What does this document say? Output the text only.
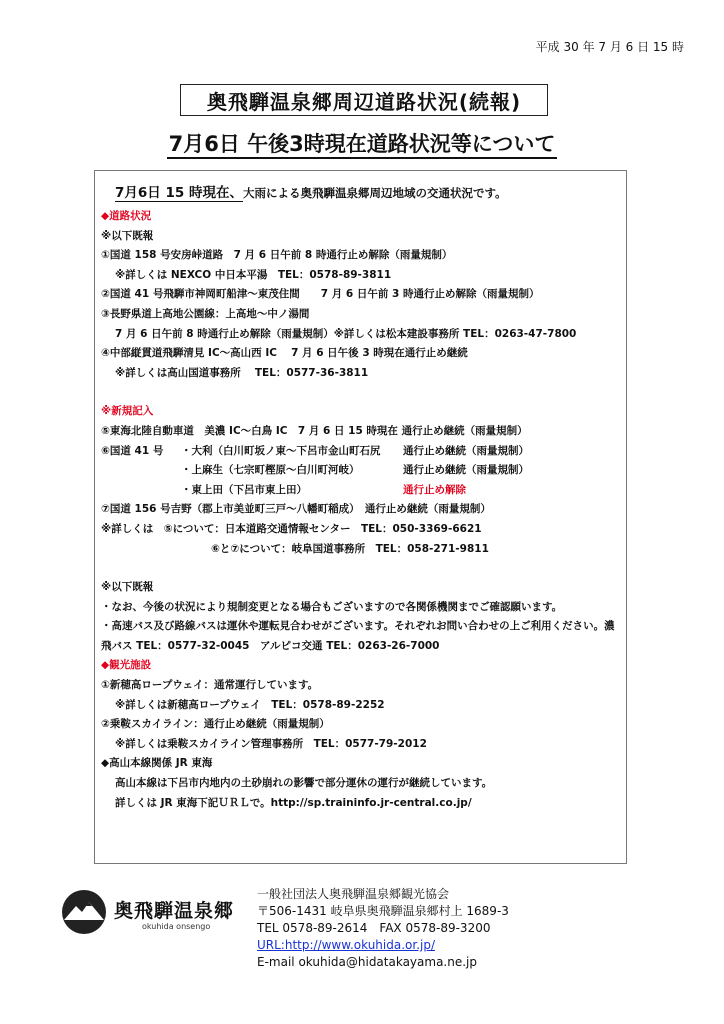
平成 30 年 7 月 6 日 15 時
奥飛騨温泉郷周辺道路状況(続報)
7月6日 午後3時現在道路状況等について
7月6日 15 時現在、大雨による奥飛騨温泉郷周辺地域の交通状況です。
◆道路状況
※以下既報
①国道 158 号安房峠道路　7 月 6 日午前 8 時通行止め解除（雨量規制）
※詳しくは NEXCO 中日本平湯　TEL：0578-89-3811
②国道 41 号飛騨市神岡町船津～東茂住間　　7 月 6 日午前 3 時通行止め解除（雨量規制）
③長野県道上高地公園線：上高地～中ノ湯間
7 月 6 日午前 8 時通行止め解除（雨量規制）※詳しくは松本建設事務所 TEL：0263-47-7800
④中部縦貫道飛騨清見 IC～高山西 IC　 7 月 6 日午後 3 時現在通行止め継続
※詳しくは高山国道事務所　 TEL：0577-36-3811
※新規記入
⑤東海北陸自動車道　美濃 IC～白鳥 IC　7 月 6 日 15 時現在 通行止め継続（雨量規制）
⑥国道 41 号 ・大利（白川町坂ノ東～下呂市金山町石尻 通行止め継続（雨量規制）
・上麻生（七宗町樫原～白川町河岐）	通行止め継続（雨量規制）
・東上田（下呂市東上田）	通行止め解除
⑦国道 156 号吉野（郡上市美並町三戸～八幡町稲成）　通行止め継続（雨量規制）
※詳しくは　⑤について：日本道路交通情報センター　TEL：050-3369-6621
⑥と⑦について：岐阜国道事務所　TEL：058-271-9811
※以下既報
・なお、今後の状況により規制変更となる場合もございますので各関係機関までご確認願います。
・高速バス及び路線バスは運休や運転見合わせがございます。それぞれお問い合わせの上ご利用ください。濃飛バス TEL：0577-32-0045　アルピコ交通 TEL：0263-26-7000
◆観光施設
①新穂高ロープウェイ：通常運行しています。
※詳しくは新穂高ロープウェイ　TEL：0578-89-2252
②乗鞍スカイライン：通行止め継続（雨量規制）
※詳しくは乗鞍スカイライン管理事務所　TEL：0577-79-2012
◆高山本線関係 JR 東海
高山本線は下呂市内地内の土砂崩れの影響で部分運休の運行が継続しています。
詳しくは JR 東海下記ＵＲＬで。http://sp.traininfo.jr-central.co.jp/
奥飛騨温泉郷
okuhida onsengo
一般社団法人奥飛騨温泉郷観光協会
〒506-1431 岐阜県奥飛騨温泉郷村上 1689-3
TEL 0578-89-2614　FAX 0578-89-3200
URL:http://www.okuhida.or.jp/
E-mail okuhida@hidatakayama.ne.jp
